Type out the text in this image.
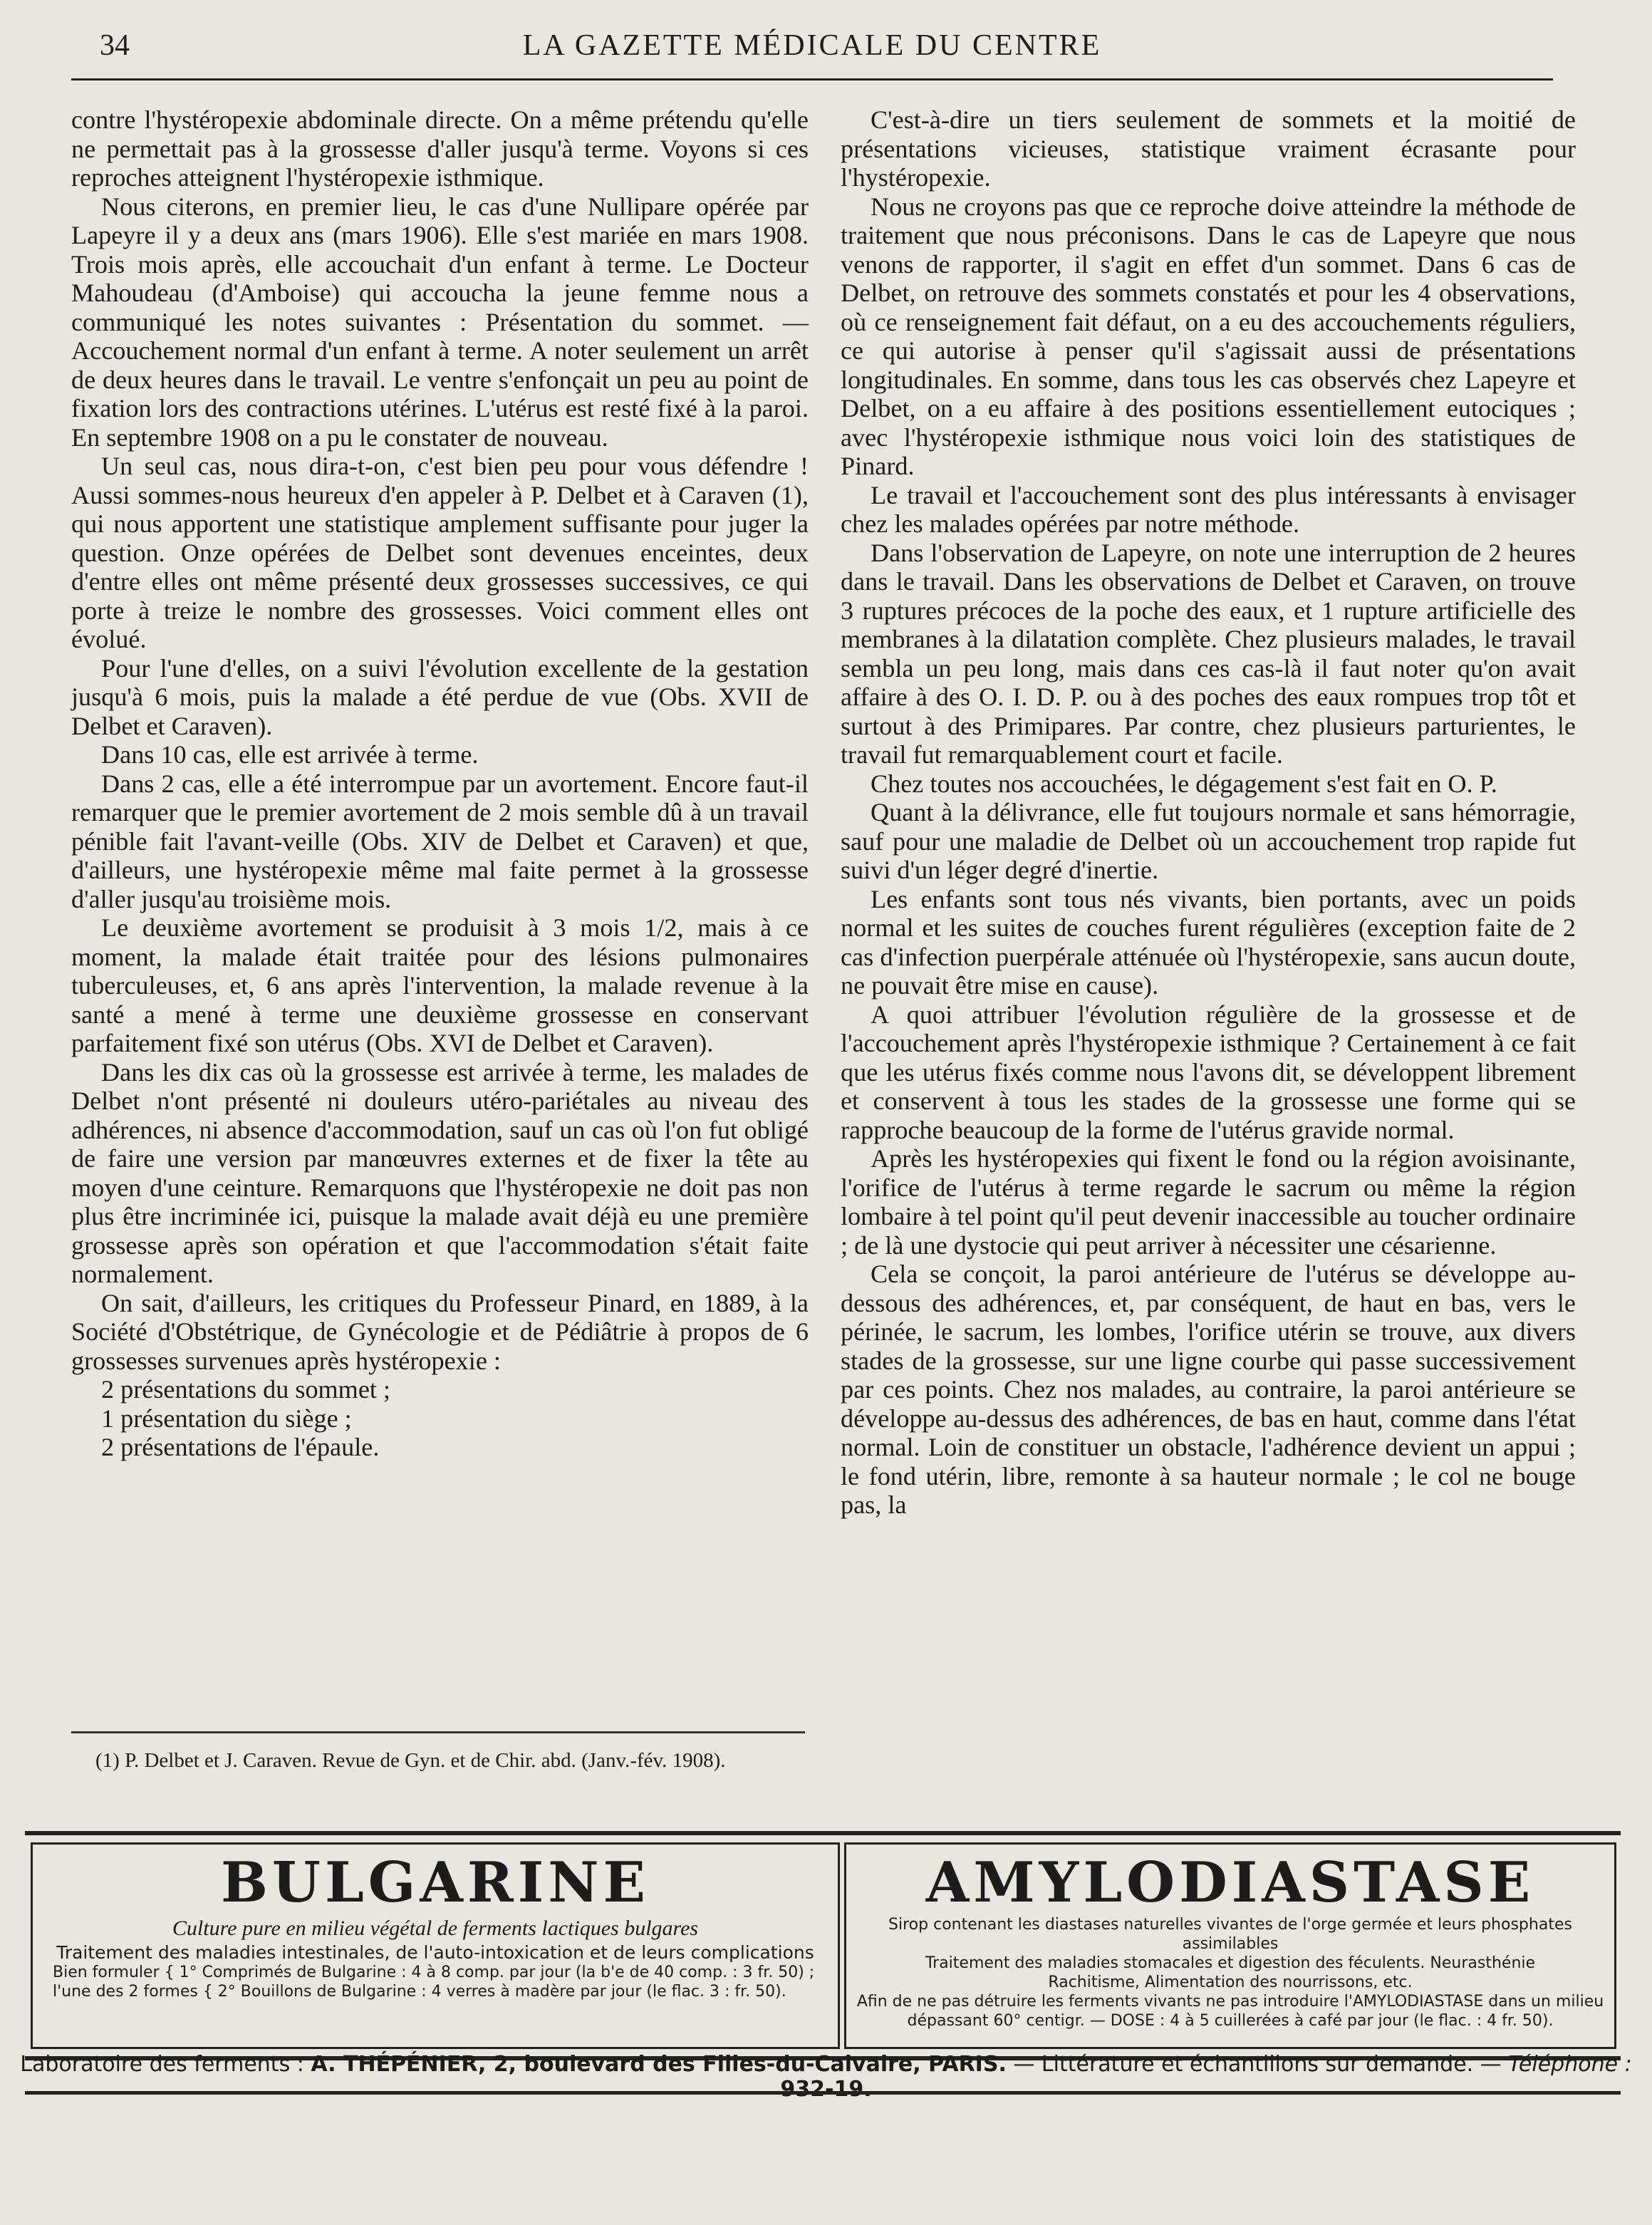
34	LA GAZETTE MÉDICALE DU CENTRE

contre l'hystéropexie abdominale directe. On a même prétendu qu'elle ne permettait pas à la grossesse d'aller jusqu'à terme. Voyons si ces reproches atteignent l'hystéropexie isthmique.

Nous citerons, en premier lieu, le cas d'une Nullipare opérée par Lapeyre il y a deux ans (mars 1906). Elle s'est mariée en mars 1908. Trois mois après, elle accouchait d'un enfant à terme. Le Docteur Mahoudeau (d'Amboise) qui accoucha la jeune femme nous a communiqué les notes suivantes : Présentation du sommet. — Accouchement normal d'un enfant à terme. A noter seulement un arrêt de deux heures dans le travail. Le ventre s'enfonçait un peu au point de fixation lors des contractions utérines. L'utérus est resté fixé à la paroi. En septembre 1908 on a pu le constater de nouveau.

Un seul cas, nous dira-t-on, c'est bien peu pour vous défendre ! Aussi sommes-nous heureux d'en appeler à P. Delbet et à Caraven (1), qui nous apportent une statistique amplement suffisante pour juger la question. Onze opérées de Delbet sont devenues enceintes, deux d'entre elles ont même présenté deux grossesses successives, ce qui porte à treize le nombre des grossesses. Voici comment elles ont évolué.

Pour l'une d'elles, on a suivi l'évolution excellente de la gestation jusqu'à 6 mois, puis la malade a été perdue de vue (Obs. XVII de Delbet et Caraven).

Dans 10 cas, elle est arrivée à terme.

Dans 2 cas, elle a été interrompue par un avortement. Encore faut-il remarquer que le premier avortement de 2 mois semble dû à un travail pénible fait l'avant-veille (Obs. XIV de Delbet et Caraven) et que, d'ailleurs, une hystéropexie même mal faite permet à la grossesse d'aller jusqu'au troisième mois.

Le deuxième avortement se produisit à 3 mois 1/2, mais à ce moment, la malade était traitée pour des lésions pulmonaires tuberculeuses, et, 6 ans après l'intervention, la malade revenue à la santé a mené à terme une deuxième grossesse en conservant parfaitement fixé son utérus (Obs. XVI de Delbet et Caraven).

Dans les dix cas où la grossesse est arrivée à terme, les malades de Delbet n'ont présenté ni douleurs utéro-pariétales au niveau des adhérences, ni absence d'accommodation, sauf un cas où l'on fut obligé de faire une version par manœuvres externes et de fixer la tête au moyen d'une ceinture. Remarquons que l'hystéropexie ne doit pas non plus être incriminée ici, puisque la malade avait déjà eu une première grossesse après son opération et que l'accommodation s'était faite normalement.

On sait, d'ailleurs, les critiques du Professeur Pinard, en 1889, à la Société d'Obstétrique, de Gynécologie et de Pédiâtrie à propos de 6 grossesses survenues après hystéropexie :

2 présentations du sommet ;

1 présentation du siège ;

2 présentations de l'épaule.

(1) P. Delbet et J. Caraven. Revue de Gyn. et de Chir. abd. (Janv.-fév. 1908).

C'est-à-dire un tiers seulement de sommets et la moitié de présentations vicieuses, statistique vraiment écrasante pour l'hystéropexie.

Nous ne croyons pas que ce reproche doive atteindre la méthode de traitement que nous préconisons. Dans le cas de Lapeyre que nous venons de rapporter, il s'agit en effet d'un sommet. Dans 6 cas de Delbet, on retrouve des sommets constatés et pour les 4 observations, où ce renseignement fait défaut, on a eu des accouchements réguliers, ce qui autorise à penser qu'il s'agissait aussi de présentations longitudinales. En somme, dans tous les cas observés chez Lapeyre et Delbet, on a eu affaire à des positions essentiellement eutociques ; avec l'hystéropexie isthmique nous voici loin des statistiques de Pinard.

Le travail et l'accouchement sont des plus intéressants à envisager chez les malades opérées par notre méthode.

Dans l'observation de Lapeyre, on note une interruption de 2 heures dans le travail. Dans les observations de Delbet et Caraven, on trouve 3 ruptures précoces de la poche des eaux, et 1 rupture artificielle des membranes à la dilatation complète. Chez plusieurs malades, le travail sembla un peu long, mais dans ces cas-là il faut noter qu'on avait affaire à des O. I. D. P. ou à des poches des eaux rompues trop tôt et surtout à des Primipares. Par contre, chez plusieurs parturientes, le travail fut remarquablement court et facile.

Chez toutes nos accouchées, le dégagement s'est fait en O. P.

Quant à la délivrance, elle fut toujours normale et sans hémorragie, sauf pour une maladie de Delbet où un accouchement trop rapide fut suivi d'un léger degré d'inertie.

Les enfants sont tous nés vivants, bien portants, avec un poids normal et les suites de couches furent régulières (exception faite de 2 cas d'infection puerpérale atténuée où l'hystéropexie, sans aucun doute, ne pouvait être mise en cause).

A quoi attribuer l'évolution régulière de la grossesse et de l'accouchement après l'hystéropexie isthmique ? Certainement à ce fait que les utérus fixés comme nous l'avons dit, se développent librement et conservent à tous les stades de la grossesse une forme qui se rapproche beaucoup de la forme de l'utérus gravide normal.

Après les hystéropexies qui fixent le fond ou la région avoisinante, l'orifice de l'utérus à terme regarde le sacrum ou même la région lombaire à tel point qu'il peut devenir inaccessible au toucher ordinaire ; de là une dystocie qui peut arriver à nécessiter une césarienne.

Cela se conçoit, la paroi antérieure de l'utérus se développe au-dessous des adhérences, et, par conséquent, de haut en bas, vers le périnée, le sacrum, les lombes, l'orifice utérin se trouve, aux divers stades de la grossesse, sur une ligne courbe qui passe successivement par ces points. Chez nos malades, au contraire, la paroi antérieure se développe au-dessus des adhérences, de bas en haut, comme dans l'état normal. Loin de constituer un obstacle, l'adhérence devient un appui ; le fond utérin, libre, remonte à sa hauteur normale ; le col ne bouge pas, la

BULGARINE
Culture pure en milieu végétal de ferments lactiques bulgares
Traitement des maladies intestinales, de l'auto-intoxication et de leurs complications
Bien formuler { 1° Comprimés de Bulgarine : 4 à 8 comp. par jour (la b'e de 40 comp. : 3 fr. 50) ;
l'une des 2 formes { 2° Bouillons de Bulgarine : 4 verres à madère par jour (le flac. 3 : fr. 50).
AMYLODIASTASE
Sirop contenant les diastases naturelles vivantes de l'orge germée et leurs phosphates assimilables
Traitement des maladies stomacales et digestion des féculents. Neurasthénie
Rachitisme, Alimentation des nourrissons, etc.
Afin de ne pas détruire les ferments vivants ne pas introduire l'AMYLODIASTASE dans un milieu
dépassant 60° centigr. — DOSE : 4 à 5 cuillerées à café par jour (le flac. : 4 fr. 50).
Laboratoire des ferments : A. THÉPÉNIER, 2, boulevard des Filles-du-Calvaire, PARIS. — Littérature et échantillons sur demande. — Téléphone : 932-19.
